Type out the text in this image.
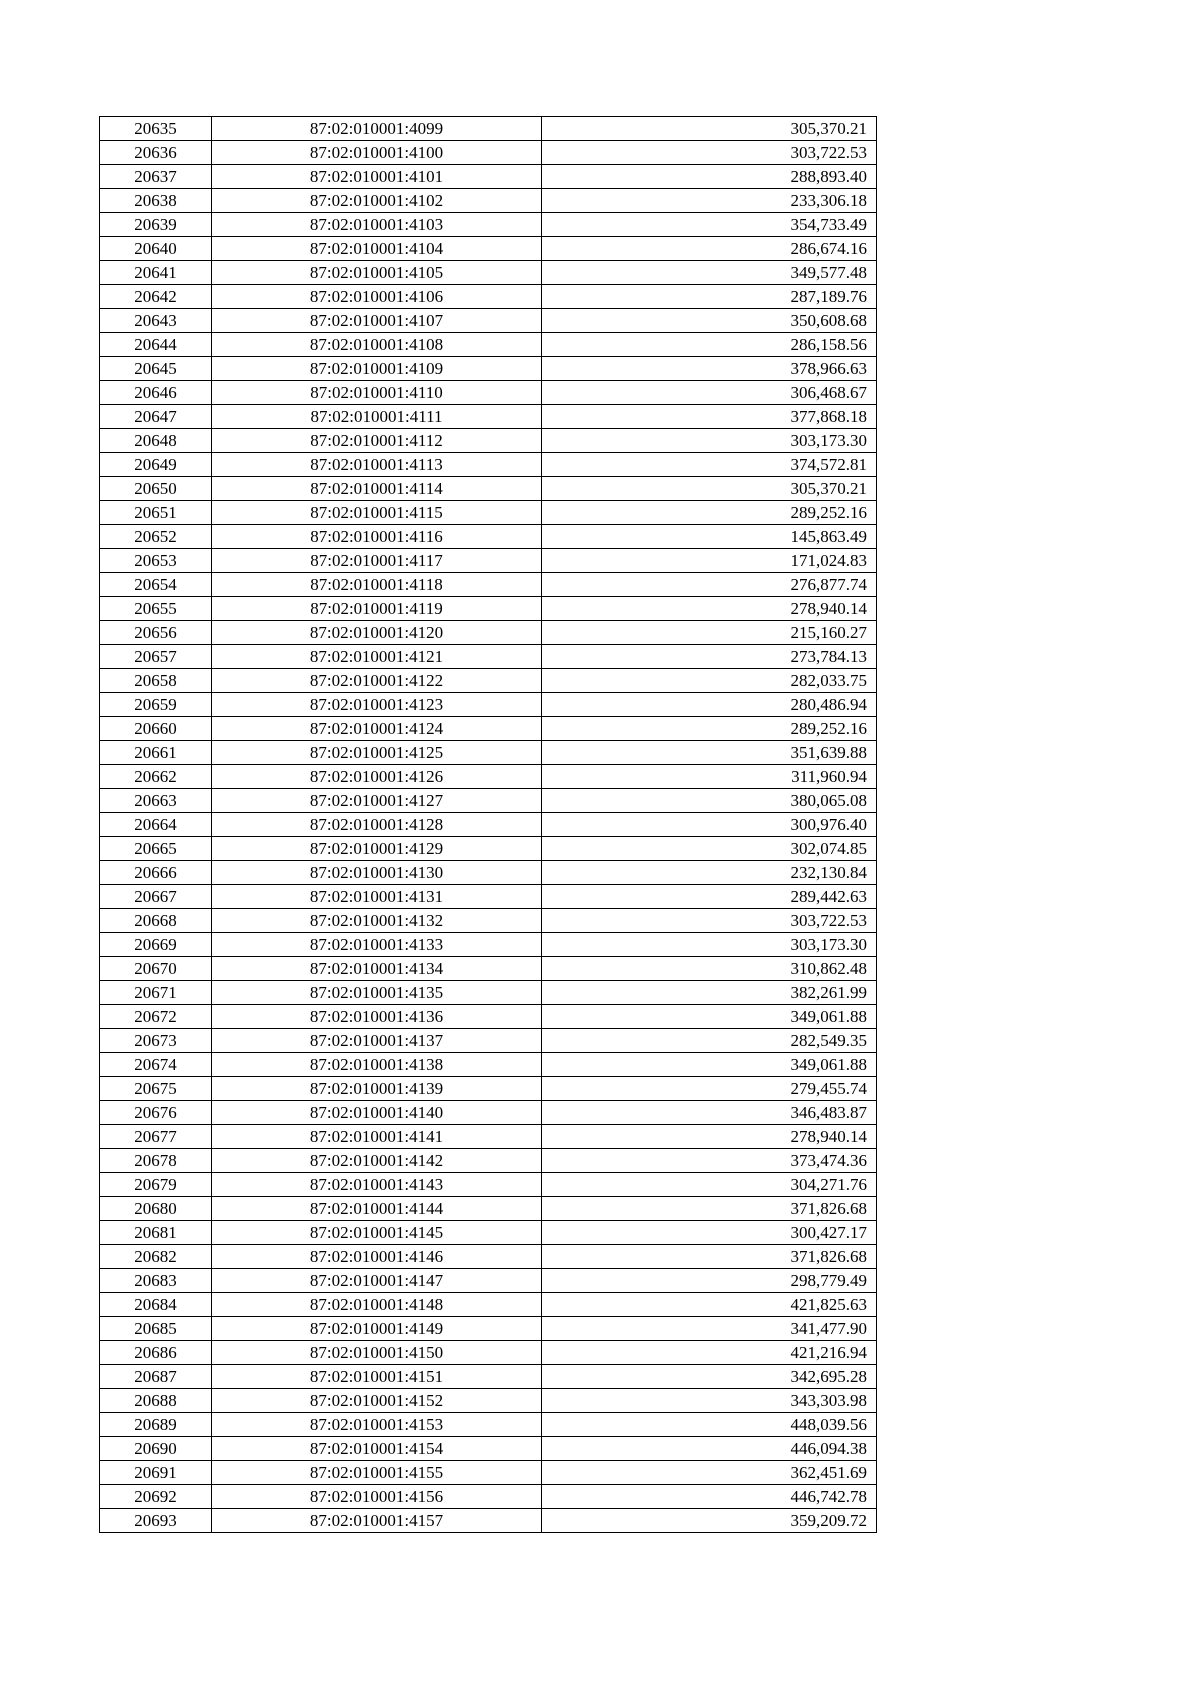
20635	87:02:010001:4099	305,370.21
20636	87:02:010001:4100	303,722.53
20637	87:02:010001:4101	288,893.40
20638	87:02:010001:4102	233,306.18
20639	87:02:010001:4103	354,733.49
20640	87:02:010001:4104	286,674.16
20641	87:02:010001:4105	349,577.48
20642	87:02:010001:4106	287,189.76
20643	87:02:010001:4107	350,608.68
20644	87:02:010001:4108	286,158.56
20645	87:02:010001:4109	378,966.63
20646	87:02:010001:4110	306,468.67
20647	87:02:010001:4111	377,868.18
20648	87:02:010001:4112	303,173.30
20649	87:02:010001:4113	374,572.81
20650	87:02:010001:4114	305,370.21
20651	87:02:010001:4115	289,252.16
20652	87:02:010001:4116	145,863.49
20653	87:02:010001:4117	171,024.83
20654	87:02:010001:4118	276,877.74
20655	87:02:010001:4119	278,940.14
20656	87:02:010001:4120	215,160.27
20657	87:02:010001:4121	273,784.13
20658	87:02:010001:4122	282,033.75
20659	87:02:010001:4123	280,486.94
20660	87:02:010001:4124	289,252.16
20661	87:02:010001:4125	351,639.88
20662	87:02:010001:4126	311,960.94
20663	87:02:010001:4127	380,065.08
20664	87:02:010001:4128	300,976.40
20665	87:02:010001:4129	302,074.85
20666	87:02:010001:4130	232,130.84
20667	87:02:010001:4131	289,442.63
20668	87:02:010001:4132	303,722.53
20669	87:02:010001:4133	303,173.30
20670	87:02:010001:4134	310,862.48
20671	87:02:010001:4135	382,261.99
20672	87:02:010001:4136	349,061.88
20673	87:02:010001:4137	282,549.35
20674	87:02:010001:4138	349,061.88
20675	87:02:010001:4139	279,455.74
20676	87:02:010001:4140	346,483.87
20677	87:02:010001:4141	278,940.14
20678	87:02:010001:4142	373,474.36
20679	87:02:010001:4143	304,271.76
20680	87:02:010001:4144	371,826.68
20681	87:02:010001:4145	300,427.17
20682	87:02:010001:4146	371,826.68
20683	87:02:010001:4147	298,779.49
20684	87:02:010001:4148	421,825.63
20685	87:02:010001:4149	341,477.90
20686	87:02:010001:4150	421,216.94
20687	87:02:010001:4151	342,695.28
20688	87:02:010001:4152	343,303.98
20689	87:02:010001:4153	448,039.56
20690	87:02:010001:4154	446,094.38
20691	87:02:010001:4155	362,451.69
20692	87:02:010001:4156	446,742.78
20693	87:02:010001:4157	359,209.72
